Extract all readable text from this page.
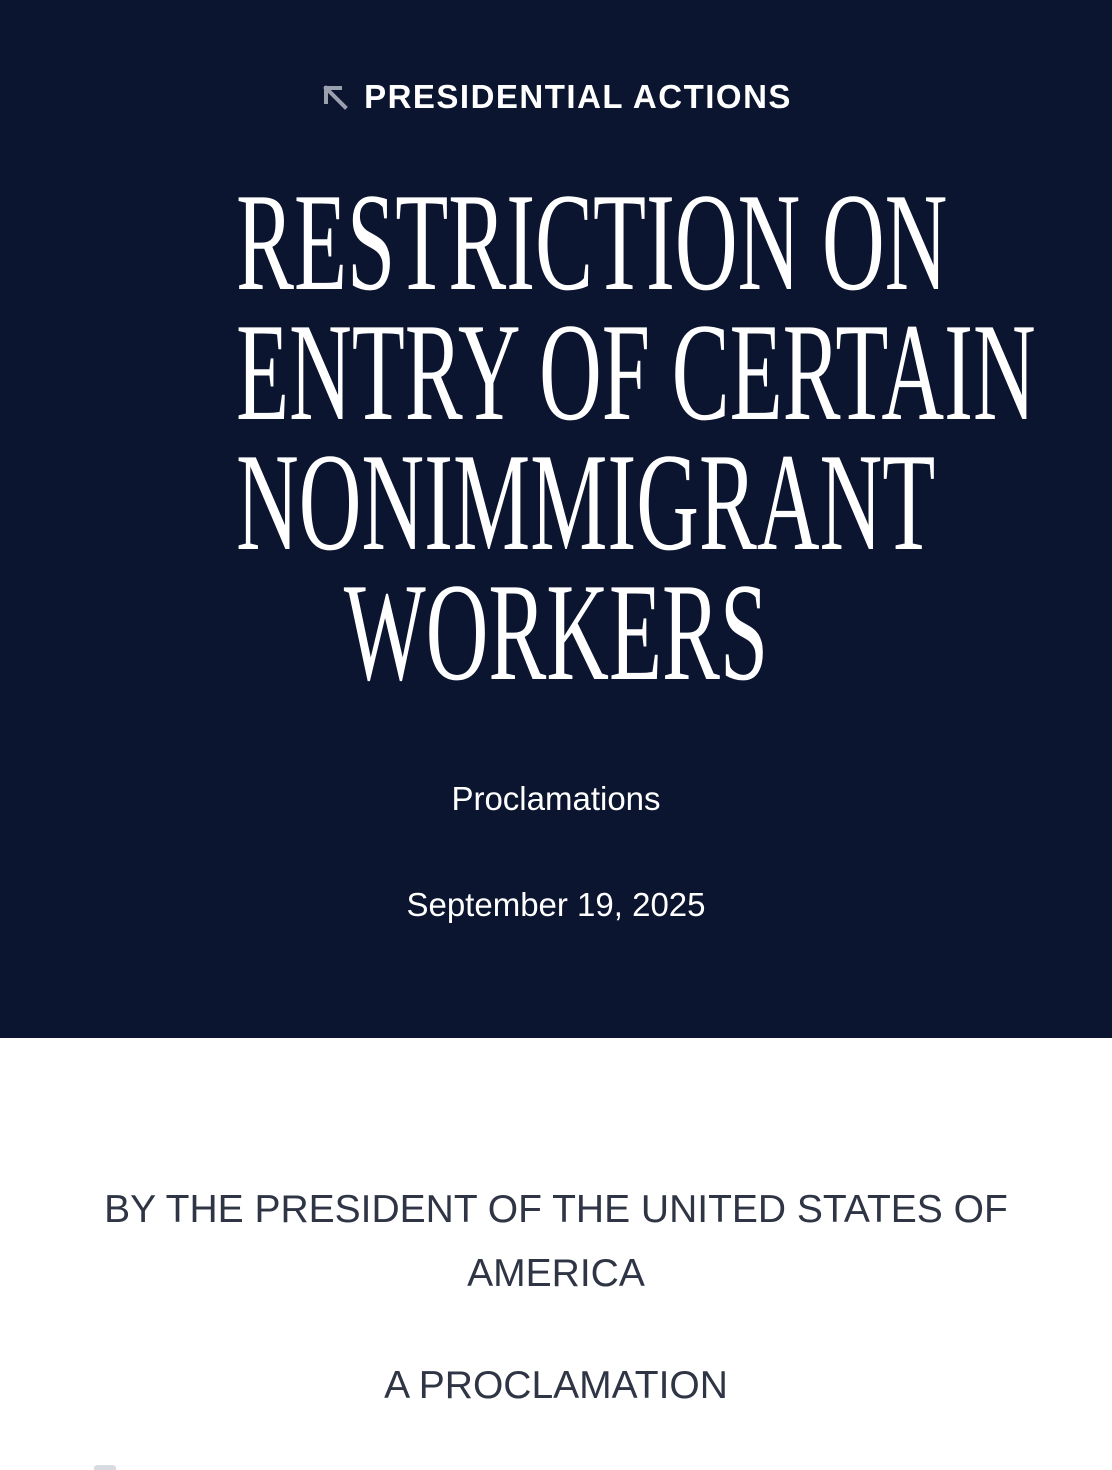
PRESIDENTIAL ACTIONS
RESTRICTION ON
ENTRY OF CERTAIN
NONIMMIGRANT
WORKERS
Proclamations
September 19, 2025

BY THE PRESIDENT OF THE UNITED STATES OF AMERICA

A PROCLAMATION
